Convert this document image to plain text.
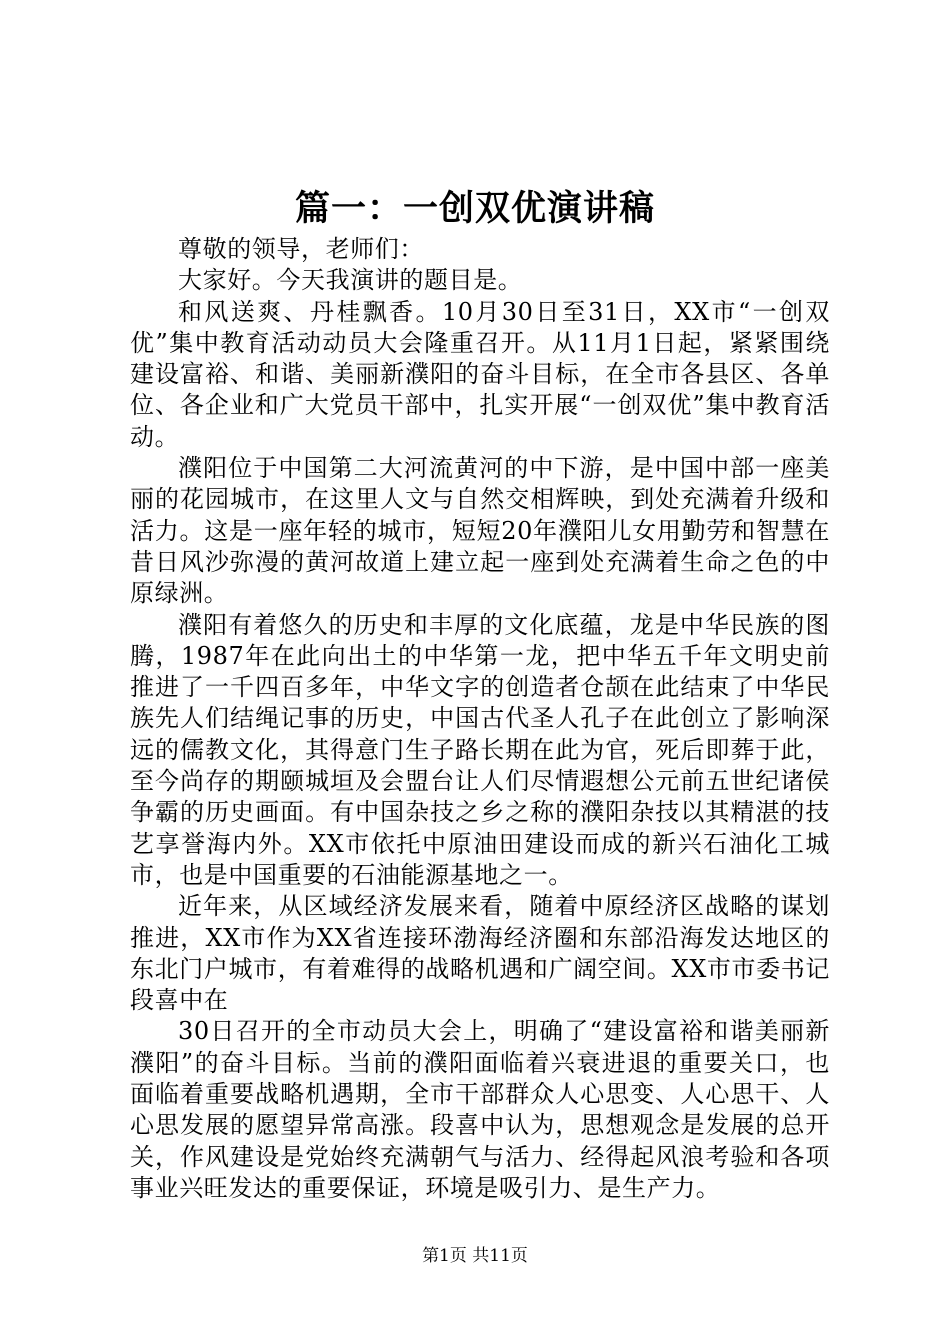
篇一：一创双优演讲稿

尊敬的领导，老师们：

大家好。今天我演讲的题目是。

和风送爽、丹桂飘香。10月30日至31日，XX市“一创双优”集中教育活动动员大会隆重召开。从11月1日起，紧紧围绕建设富裕、和谐、美丽新濮阳的奋斗目标，在全市各县区、各单位、各企业和广大党员干部中，扎实开展“一创双优”集中教育活动。

濮阳位于中国第二大河流黄河的中下游，是中国中部一座美丽的花园城市，在这里人文与自然交相辉映，到处充满着升级和活力。这是一座年轻的城市，短短20年濮阳儿女用勤劳和智慧在昔日风沙弥漫的黄河故道上建立起一座到处充满着生命之色的中原绿洲。

濮阳有着悠久的历史和丰厚的文化底蕴，龙是中华民族的图腾，1987年在此向出土的中华第一龙，把中华五千年文明史前推进了一千四百多年，中华文字的创造者仓颉在此结束了中华民族先人们结绳记事的历史，中国古代圣人孔子在此创立了影响深远的儒教文化，其得意门生子路长期在此为官，死后即葬于此，至今尚存的期颐城垣及会盟台让人们尽情遐想公元前五世纪诸侯争霸的历史画面。有中国杂技之乡之称的濮阳杂技以其精湛的技艺享誉海内外。XX市依托中原油田建设而成的新兴石油化工城市，也是中国重要的石油能源基地之一。

近年来，从区域经济发展来看，随着中原经济区战略的谋划推进，XX市作为XX省连接环渤海经济圈和东部沿海发达地区的东北门户城市，有着难得的战略机遇和广阔空间。XX市市委书记段喜中在

30日召开的全市动员大会上，明确了“建设富裕和谐美丽新濮阳”的奋斗目标。当前的濮阳面临着兴衰进退的重要关口，也面临着重要战略机遇期，全市干部群众人心思变、人心思干、人心思发展的愿望异常高涨。段喜中认为，思想观念是发展的总开关，作风建设是党始终充满朝气与活力、经得起风浪考验和各项事业兴旺发达的重要保证，环境是吸引力、是生产力。

第1页 共11页
